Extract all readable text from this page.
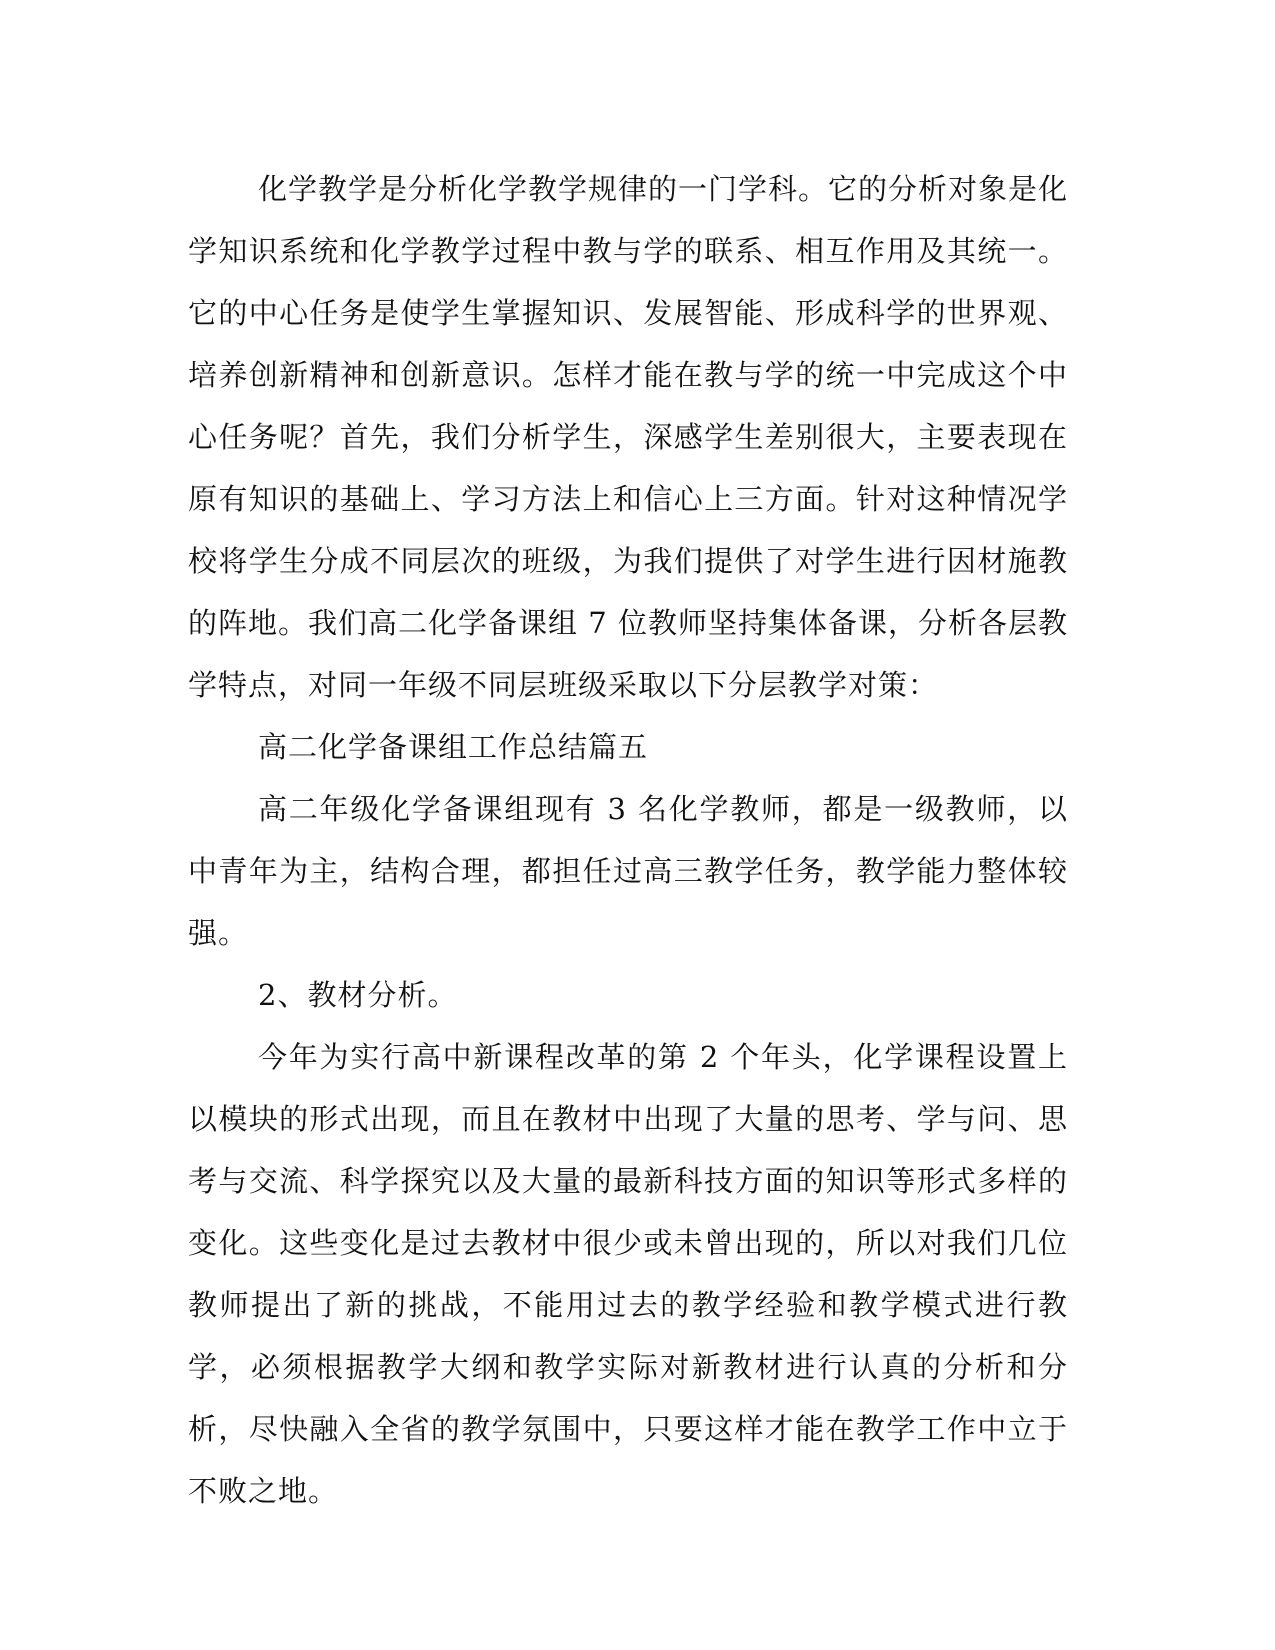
化学教学是分析化学教学规律的一门学科。它的分析对象是化学知识系统和化学教学过程中教与学的联系、相互作用及其统一。它的中心任务是使学生掌握知识、发展智能、形成科学的世界观、培养创新精神和创新意识。怎样才能在教与学的统一中完成这个中心任务呢？首先，我们分析学生，深感学生差别很大，主要表现在原有知识的基础上、学习方法上和信心上三方面。针对这种情况学校将学生分成不同层次的班级，为我们提供了对学生进行因材施教的阵地。我们高二化学备课组 7 位教师坚持集体备课，分析各层教学特点，对同一年级不同层班级采取以下分层教学对策：

高二化学备课组工作总结篇五

高二年级化学备课组现有 3 名化学教师，都是一级教师，以中青年为主，结构合理，都担任过高三教学任务，教学能力整体较强。

2、教材分析。

今年为实行高中新课程改革的第 2 个年头，化学课程设置上以模块的形式出现，而且在教材中出现了大量的思考、学与问、思考与交流、科学探究以及大量的最新科技方面的知识等形式多样的变化。这些变化是过去教材中很少或未曾出现的，所以对我们几位教师提出了新的挑战，不能用过去的教学经验和教学模式进行教学，必须根据教学大纲和教学实际对新教材进行认真的分析和分析，尽快融入全省的教学氛围中，只要这样才能在教学工作中立于不败之地。
